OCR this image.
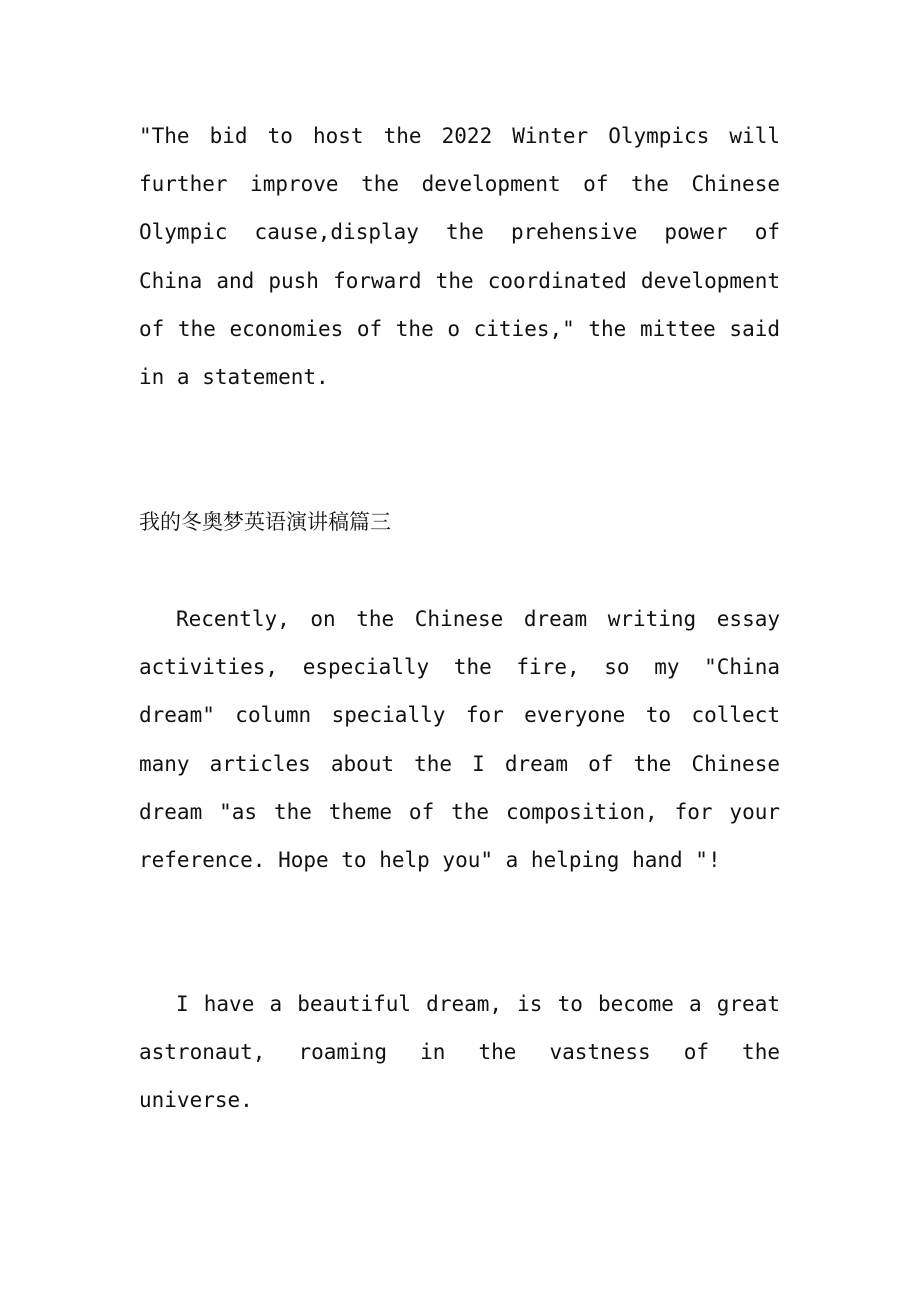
"The bid to host the 2022 Winter Olympics will further improve the development of the Chinese Olympic cause,display the prehensive power of China and push forward the coordinated development of the economies of the o cities," the mittee said in a statement.

我的冬奥梦英语演讲稿篇三

Recently, on the Chinese dream writing essay activities, especially the fire, so my "China dream" column specially for everyone to collect many articles about the I dream of the Chinese dream "as the theme of the composition, for your reference. Hope to help you" a helping hand "!

I have a beautiful dream, is to become a great astronaut, roaming in the vastness of the universe.
